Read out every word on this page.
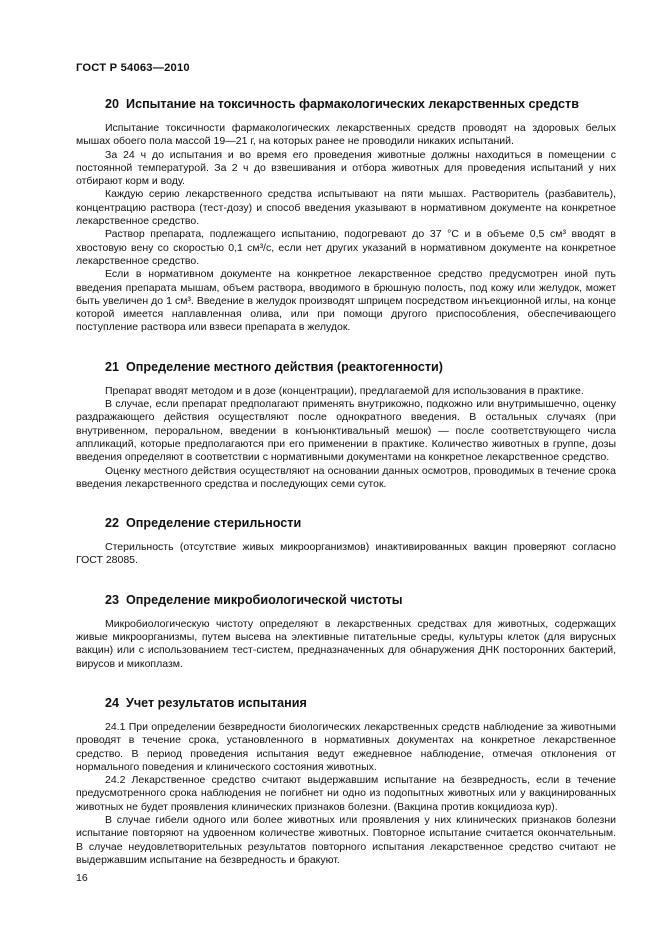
ГОСТ Р 54063—2010
20 Испытание на токсичность фармакологических лекарственных средств

Испытание токсичности фармакологических лекарственных средств проводят на здоровых белых мышах обоего пола массой 19—21 г, на которых ранее не проводили никаких испытаний.

За 24 ч до испытания и во время его проведения животные должны находиться в помещении с постоянной температурой. За 2 ч до взвешивания и отбора животных для проведения испытаний у них отбирают корм и воду.

Каждую серию лекарственного средства испытывают на пяти мышах. Растворитель (разбавитель), концентрацию раствора (тест-дозу) и способ введения указывают в нормативном документе на конкретное лекарственное средство.

Раствор препарата, подлежащего испытанию, подогревают до 37 °С и в объеме 0,5 см³ вводят в хвостовую вену со скоростью 0,1 см³/с, если нет других указаний в нормативном документе на конкретное лекарственное средство.

Если в нормативном документе на конкретное лекарственное средство предусмотрен иной путь введения препарата мышам, объем раствора, вводимого в брюшную полость, под кожу или желудок, может быть увеличен до 1 см³. Введение в желудок производят шприцем посредством инъекционной иглы, на конце которой имеется наплавленная олива, или при помощи другого приспособления, обеспечивающего поступление раствора или взвеси препарата в желудок.

21 Определение местного действия (реактогенности)

Препарат вводят методом и в дозе (концентрации), предлагаемой для использования в практике.

В случае, если препарат предполагают применять внутрикожно, подкожно или внутримышечно, оценку раздражающего действия осуществляют после однократного введения. В остальных случаях (при внутривенном, пероральном, введении в конъюнктивальный мешок) — после соответствующего числа аппликаций, которые предполагаются при его применении в практике. Количество животных в группе, дозы введения определяют в соответствии с нормативными документами на конкретное лекарственное средство.

Оценку местного действия осуществляют на основании данных осмотров, проводимых в течение срока введения лекарственного средства и последующих семи суток.

22 Определение стерильности

Стерильность (отсутствие живых микроорганизмов) инактивированных вакцин проверяют согласно ГОСТ 28085.

23 Определение микробиологической чистоты

Микробиологическую чистоту определяют в лекарственных средствах для животных, содержащих живые микроорганизмы, путем высева на элективные питательные среды, культуры клеток (для вирусных вакцин) или с использованием тест-систем, предназначенных для обнаружения ДНК посторонних бактерий, вирусов и микоплазм.

24 Учет результатов испытания

24.1 При определении безвредности биологических лекарственных средств наблюдение за животными проводят в течение срока, установленного в нормативных документах на конкретное лекарственное средство. В период проведения испытания ведут ежедневное наблюдение, отмечая отклонения от нормального поведения и клинического состояния животных.

24.2 Лекарственное средство считают выдержавшим испытание на безвредность, если в течение предусмотренного срока наблюдения не погибнет ни одно из подопытных животных или у вакцинированных животных не будет проявления клинических признаков болезни. (Вакцина против кокцидиоза кур).

В случае гибели одного или более животных или проявления у них клинических признаков болезни испытание повторяют на удвоенном количестве животных. Повторное испытание считается окончательным. В случае неудовлетворительных результатов повторного испытания лекарственное средство считают не выдержавшим испытание на безвредность и бракуют.

16
